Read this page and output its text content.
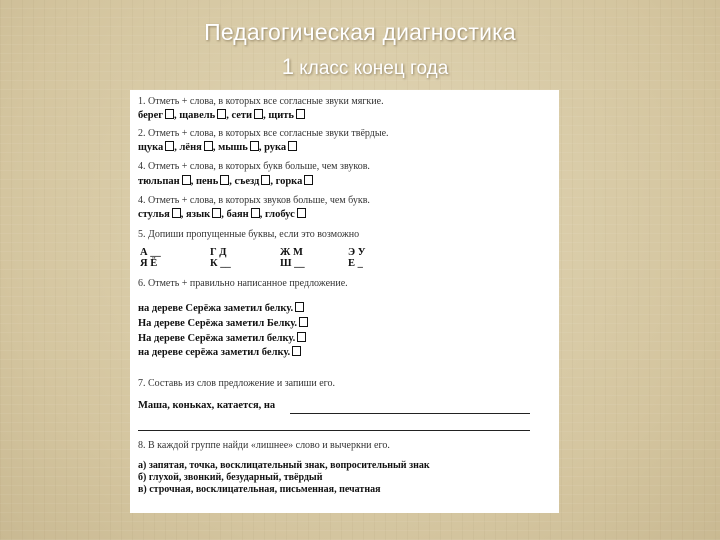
Педагогическая диагностика
1 класс конец года
1. Отметь + слова, в которых все согласные звуки мягкие.
берег , щавель , сети , щить
2. Отметь + слова, в которых все согласные звуки твёрдые.
щука , лёня , мышь , рука
4. Отметь + слова, в которых букв больше, чем звуков.
тюльпан , пень , съезд , горка
4. Отметь + слова, в которых звуков больше, чем букв.
стулья , язык , баян , глобус
5. Допиши пропущенные буквы, если это возможно
А __	Г Д	Ж М	Э У
Я Ё	К __	Ш __	Е _
6. Отметь + правильно написанное предложение.
на дереве Серёжа заметил белку.
На дереве Серёжа заметил Белку.
На дереве Серёжа заметил белку.
на дереве серёжа заметил белку.
7. Составь из слов предложение и запиши его.
Маша, коньках, катается, на
8. В каждой группе найди «лишнее» слово и вычеркни его.
а) запятая, точка, восклицательный знак, вопросительный знак
б) глухой, звонкий, безударный, твёрдый
в) строчная, восклицательная, письменная, печатная
